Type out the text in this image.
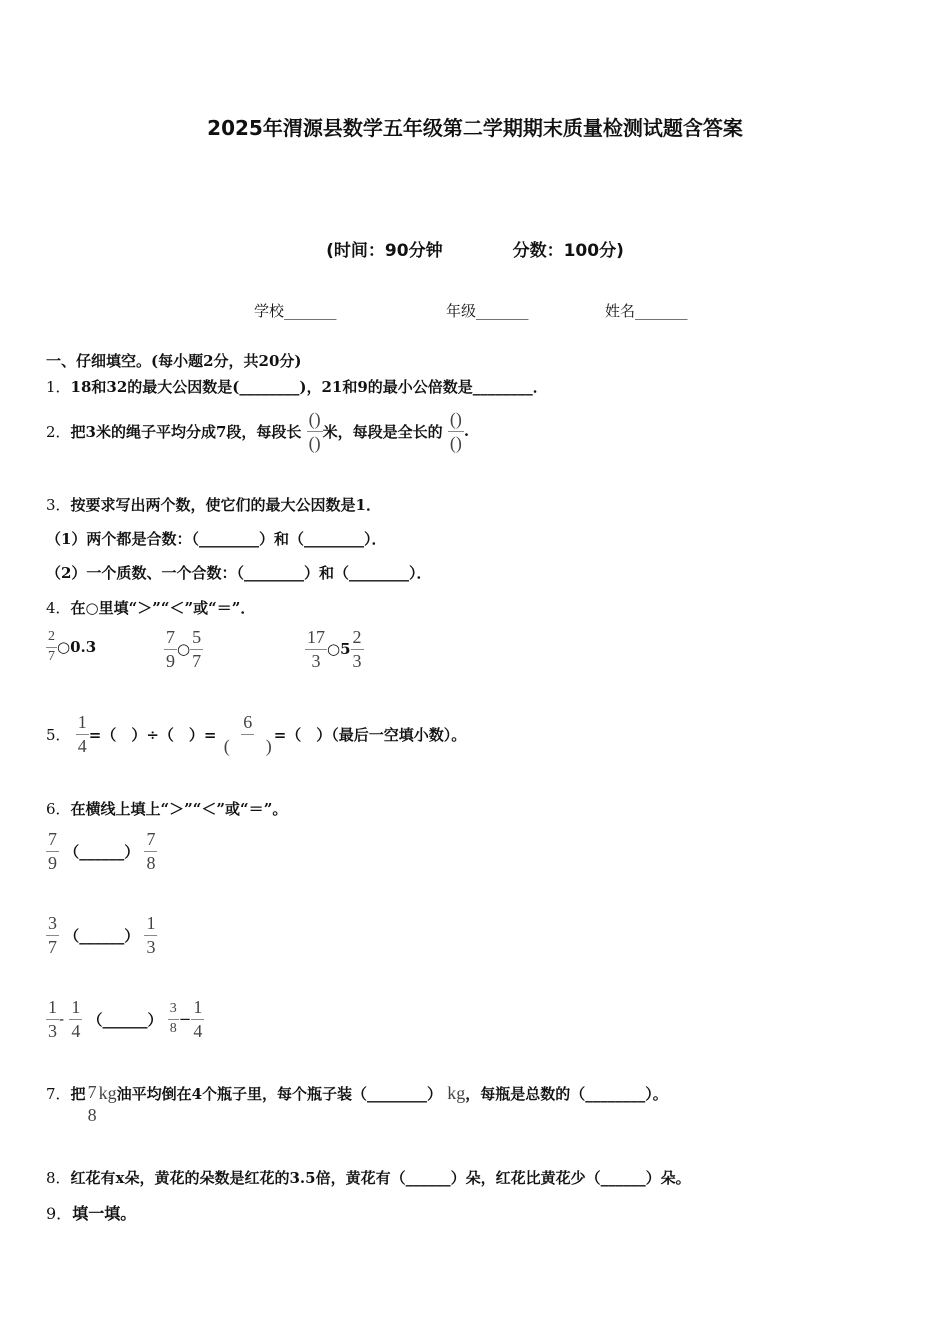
2025年渭源县数学五年级第二学期期末质量检测试题含答案
(时间：90分钟	分数：100分)
学校_______	年级_______	姓名_______
一、仔细填空。(每小题2分，共20分)
1．18和32的最大公因数是(________)，21和9的最小公倍数是________．
2．把3米的绳子平均分成7段，每段长 $\frac{()}{()}$ 米，每段是全长的 $\frac{()}{()}$ .
3．按要求写出两个数，使它们的最大公因数是1．
（1）两个都是合数：（________）和（________）．
（2）一个质数、一个合数：（________）和（________）．
4．在○里填“＞”“＜”或“＝”．
$\frac{2}{7}$ ○0.3	$\frac{7}{9}$ ○ $\frac{5}{7}$	$\frac{17}{3}$ ○5 $\frac{2}{3}$
5． $\frac{1}{4}$ =（　）÷（　）= $\frac{6}{( )}$ =（　）（最后一空填小数）。
6．在横线上填上“＞”“＜”或“＝”。
$\frac{7}{9}$ （______） $\frac{7}{8}$
$\frac{3}{7}$ （______） $\frac{1}{3}$
$\frac{1}{3} - \frac{1}{4}$ （______） $\frac{3}{8} - \frac{1}{4}$
7．把 7
8
kg油平均倒在4个瓶子里，每个瓶子装（________） kg，每瓶是总数的（________）。
8．红花有x朵，黄花的朵数是红花的3.5倍，黄花有（______）朵，红花比黄花少（______）朵。
9．填一填。
